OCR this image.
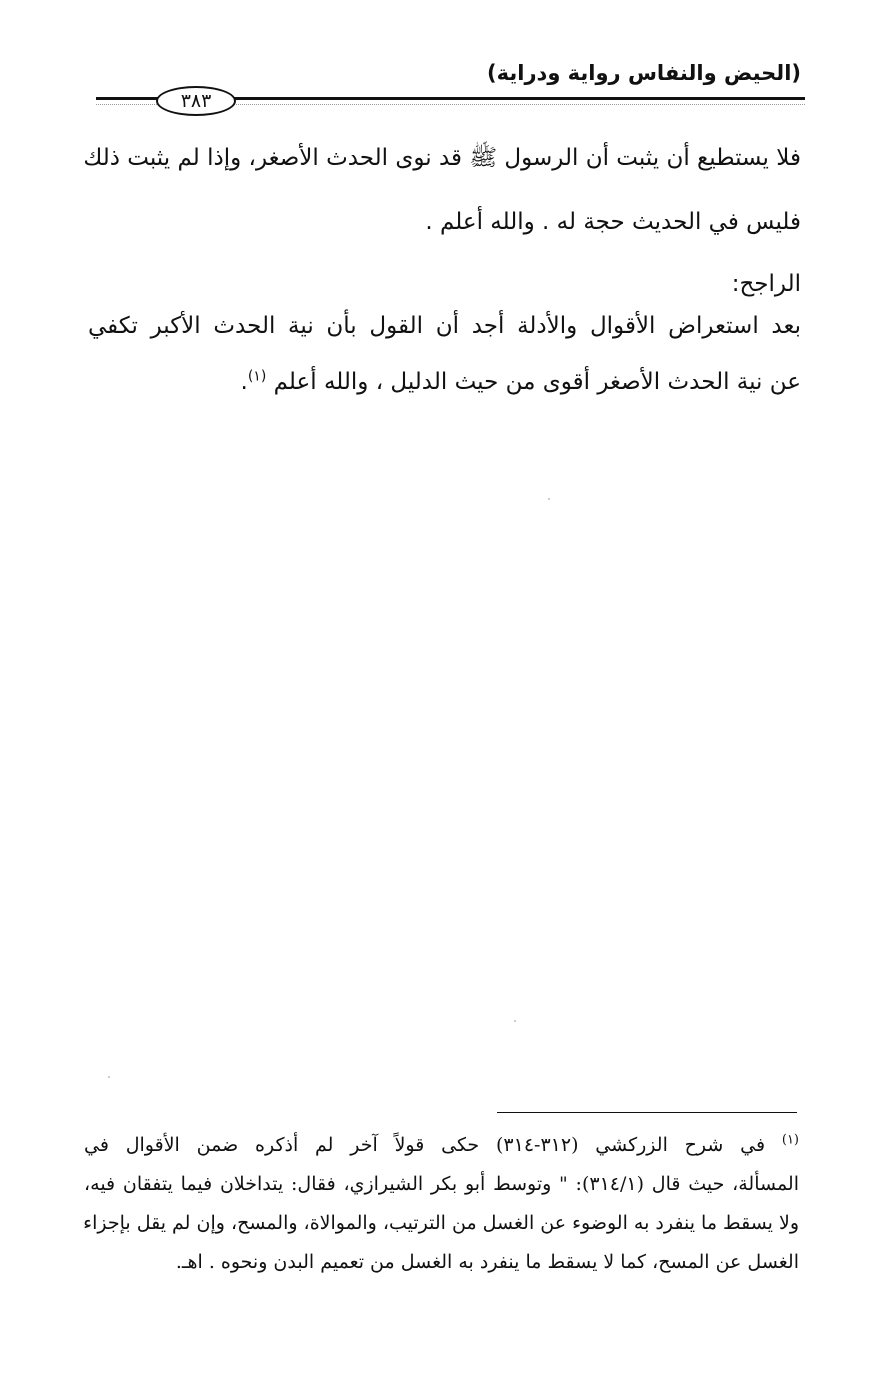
(الحيض والنفاس رواية ودراية)
٣٨٣
فلا يستطيع أن يثبت أن الرسول ﷺ قد نوى الحدث الأصغر، وإذا لم يثبت ذلك
فليس في الحديث حجة له . والله أعلم .
الراجح:
بعد استعراض الأقوال والأدلة أجد أن القول بأن نية الحدث الأكبر تكفي
عن نية الحدث الأصغر أقوى من حيث الدليل ، والله أعلم $^{(١)}$.
$^{(١)}$ في شرح الزركشي (٣١٢-٣١٤) حكى قولاً آخر لم أذكره ضمن الأقوال في
المسألة، حيث قال (٣١٤/١): " وتوسط أبو بكر الشيرازي، فقال: يتداخلان فيما يتفقان فيه،
ولا يسقط ما ينفرد به الوضوء عن الغسل من الترتيب، والموالاة، والمسح، وإن لم يقل بإجزاء
الغسل عن المسح، كما لا يسقط ما ينفرد به الغسل من تعميم البدن ونحوه . اهـ.
